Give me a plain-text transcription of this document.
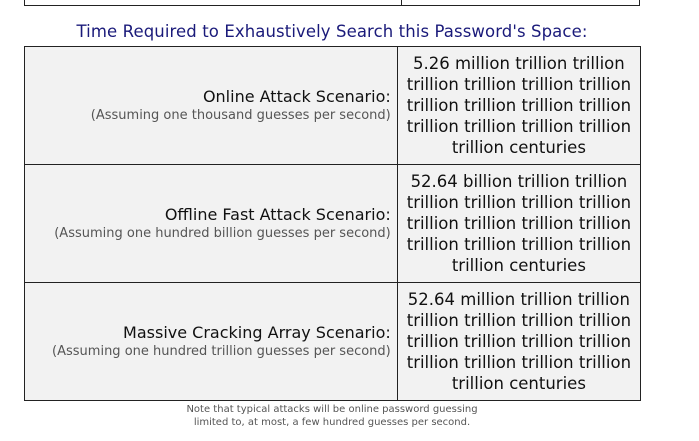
Time Required to Exhaustively Search this Password's Space:
Online Attack Scenario:
(Assuming one thousand guesses per second)	5.26 million trillion trillion trillion trillion trillion trillion trillion trillion trillion trillion trillion trillion trillion trillion trillion centuries

Offline Fast Attack Scenario:
(Assuming one hundred billion guesses per second)	52.64 billion trillion trillion trillion trillion trillion trillion trillion trillion trillion trillion trillion trillion trillion trillion trillion centuries

Massive Cracking Array Scenario:
(Assuming one hundred trillion guesses per second)	52.64 million trillion trillion trillion trillion trillion trillion trillion trillion trillion trillion trillion trillion trillion trillion trillion centuries
Note that typical attacks will be online password guessing
limited to, at most, a few hundred guesses per second.
